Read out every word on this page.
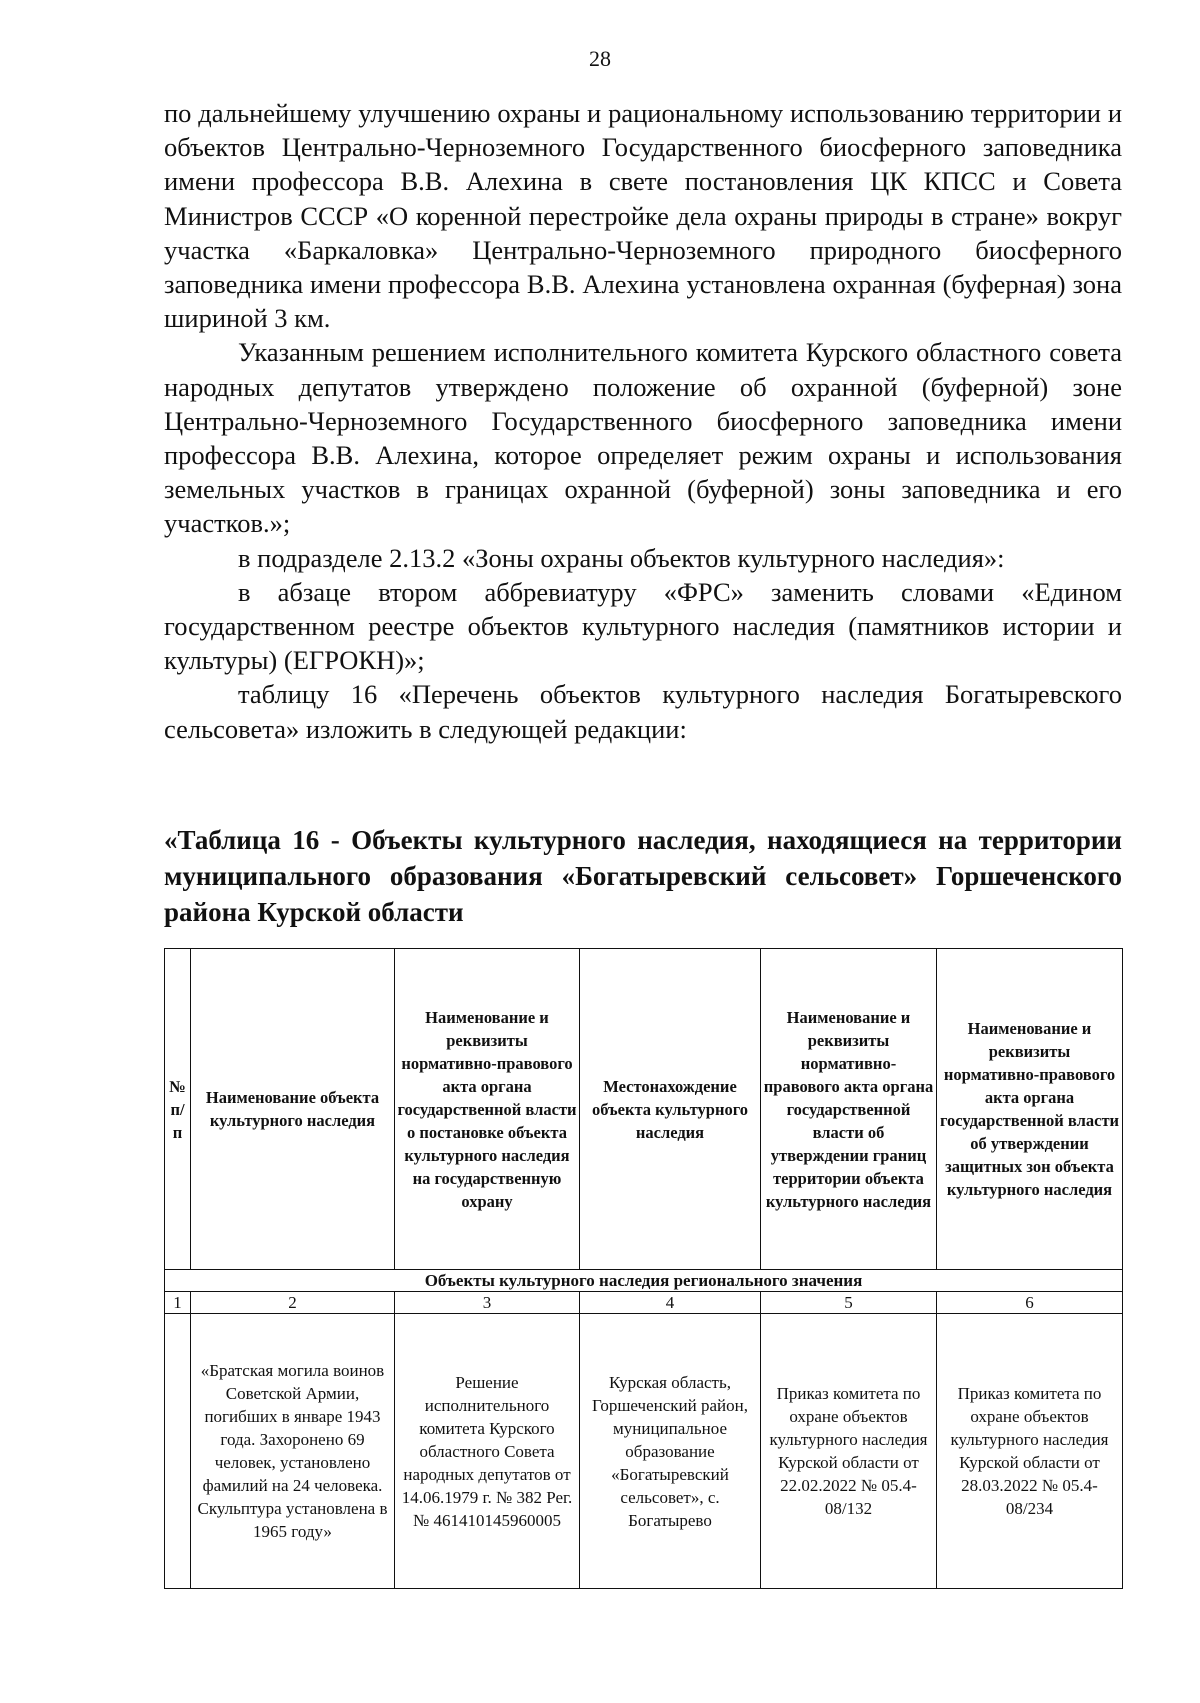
28

по дальнейшему улучшению охраны и рациональному использованию территории и объектов Центрально-Черноземного Государственного биосферного заповедника имени профессора В.В. Алехина в свете постановления ЦК КПСС и Совета Министров СССР «О коренной перестройке дела охраны природы в стране» вокруг участка «Баркаловка» Центрально-Черноземного природного биосферного заповедника имени профессора В.В. Алехина установлена охранная (буферная) зона шириной 3 км.

Указанным решением исполнительного комитета Курского областного совета народных депутатов утверждено положение об охранной (буферной) зоне Центрально-Черноземного Государственного биосферного заповедника имени профессора В.В. Алехина, которое определяет режим охраны и использования земельных участков в границах охранной (буферной) зоны заповедника и его участков.»;

в подразделе 2.13.2 «Зоны охраны объектов культурного наследия»:

в абзаце втором аббревиатуру «ФРС» заменить словами «Едином государственном реестре объектов культурного наследия (памятников истории и культуры) (ЕГРОКН)»;

таблицу 16 «Перечень объектов культурного наследия Богатыревского сельсовета» изложить в следующей редакции:

«Таблица 16 - Объекты культурного наследия, находящиеся на территории муниципального образования «Богатыревский сельсовет» Горшеченского района Курской области

№ п/п	Наименование объекта культурного наследия	Наименование и реквизиты нормативно-правового акта органа государственной власти о постановке объекта культурного наследия на государственную охрану	Местонахождение объекта культурного наследия	Наименование и реквизиты нормативно-правового акта органа государственной власти об утверждении границ территории объекта культурного наследия	Наименование и реквизиты нормативно-правового акта органа государственной власти об утверждении защитных зон объекта культурного наследия
Объекты культурного наследия регионального значения					
1	2	3	4	5	6
	«Братская могила воинов Советской Армии, погибших в январе 1943 года. Захоронено 69 человек, установлено фамилий на 24 человека. Скульптура установлена в 1965 году»	Решение исполнительного комитета Курского областного Совета народных депутатов от 14.06.1979 г. № 382 Рег. № 461410145960005	Курская область, Горшеченский район, муниципальное образование «Богатыревский сельсовет», с. Богатырево	Приказ комитета по охране объектов культурного наследия Курской области от 22.02.2022 № 05.4-08/132	Приказ комитета по охране объектов культурного наследия Курской области от 28.03.2022 № 05.4-08/234
